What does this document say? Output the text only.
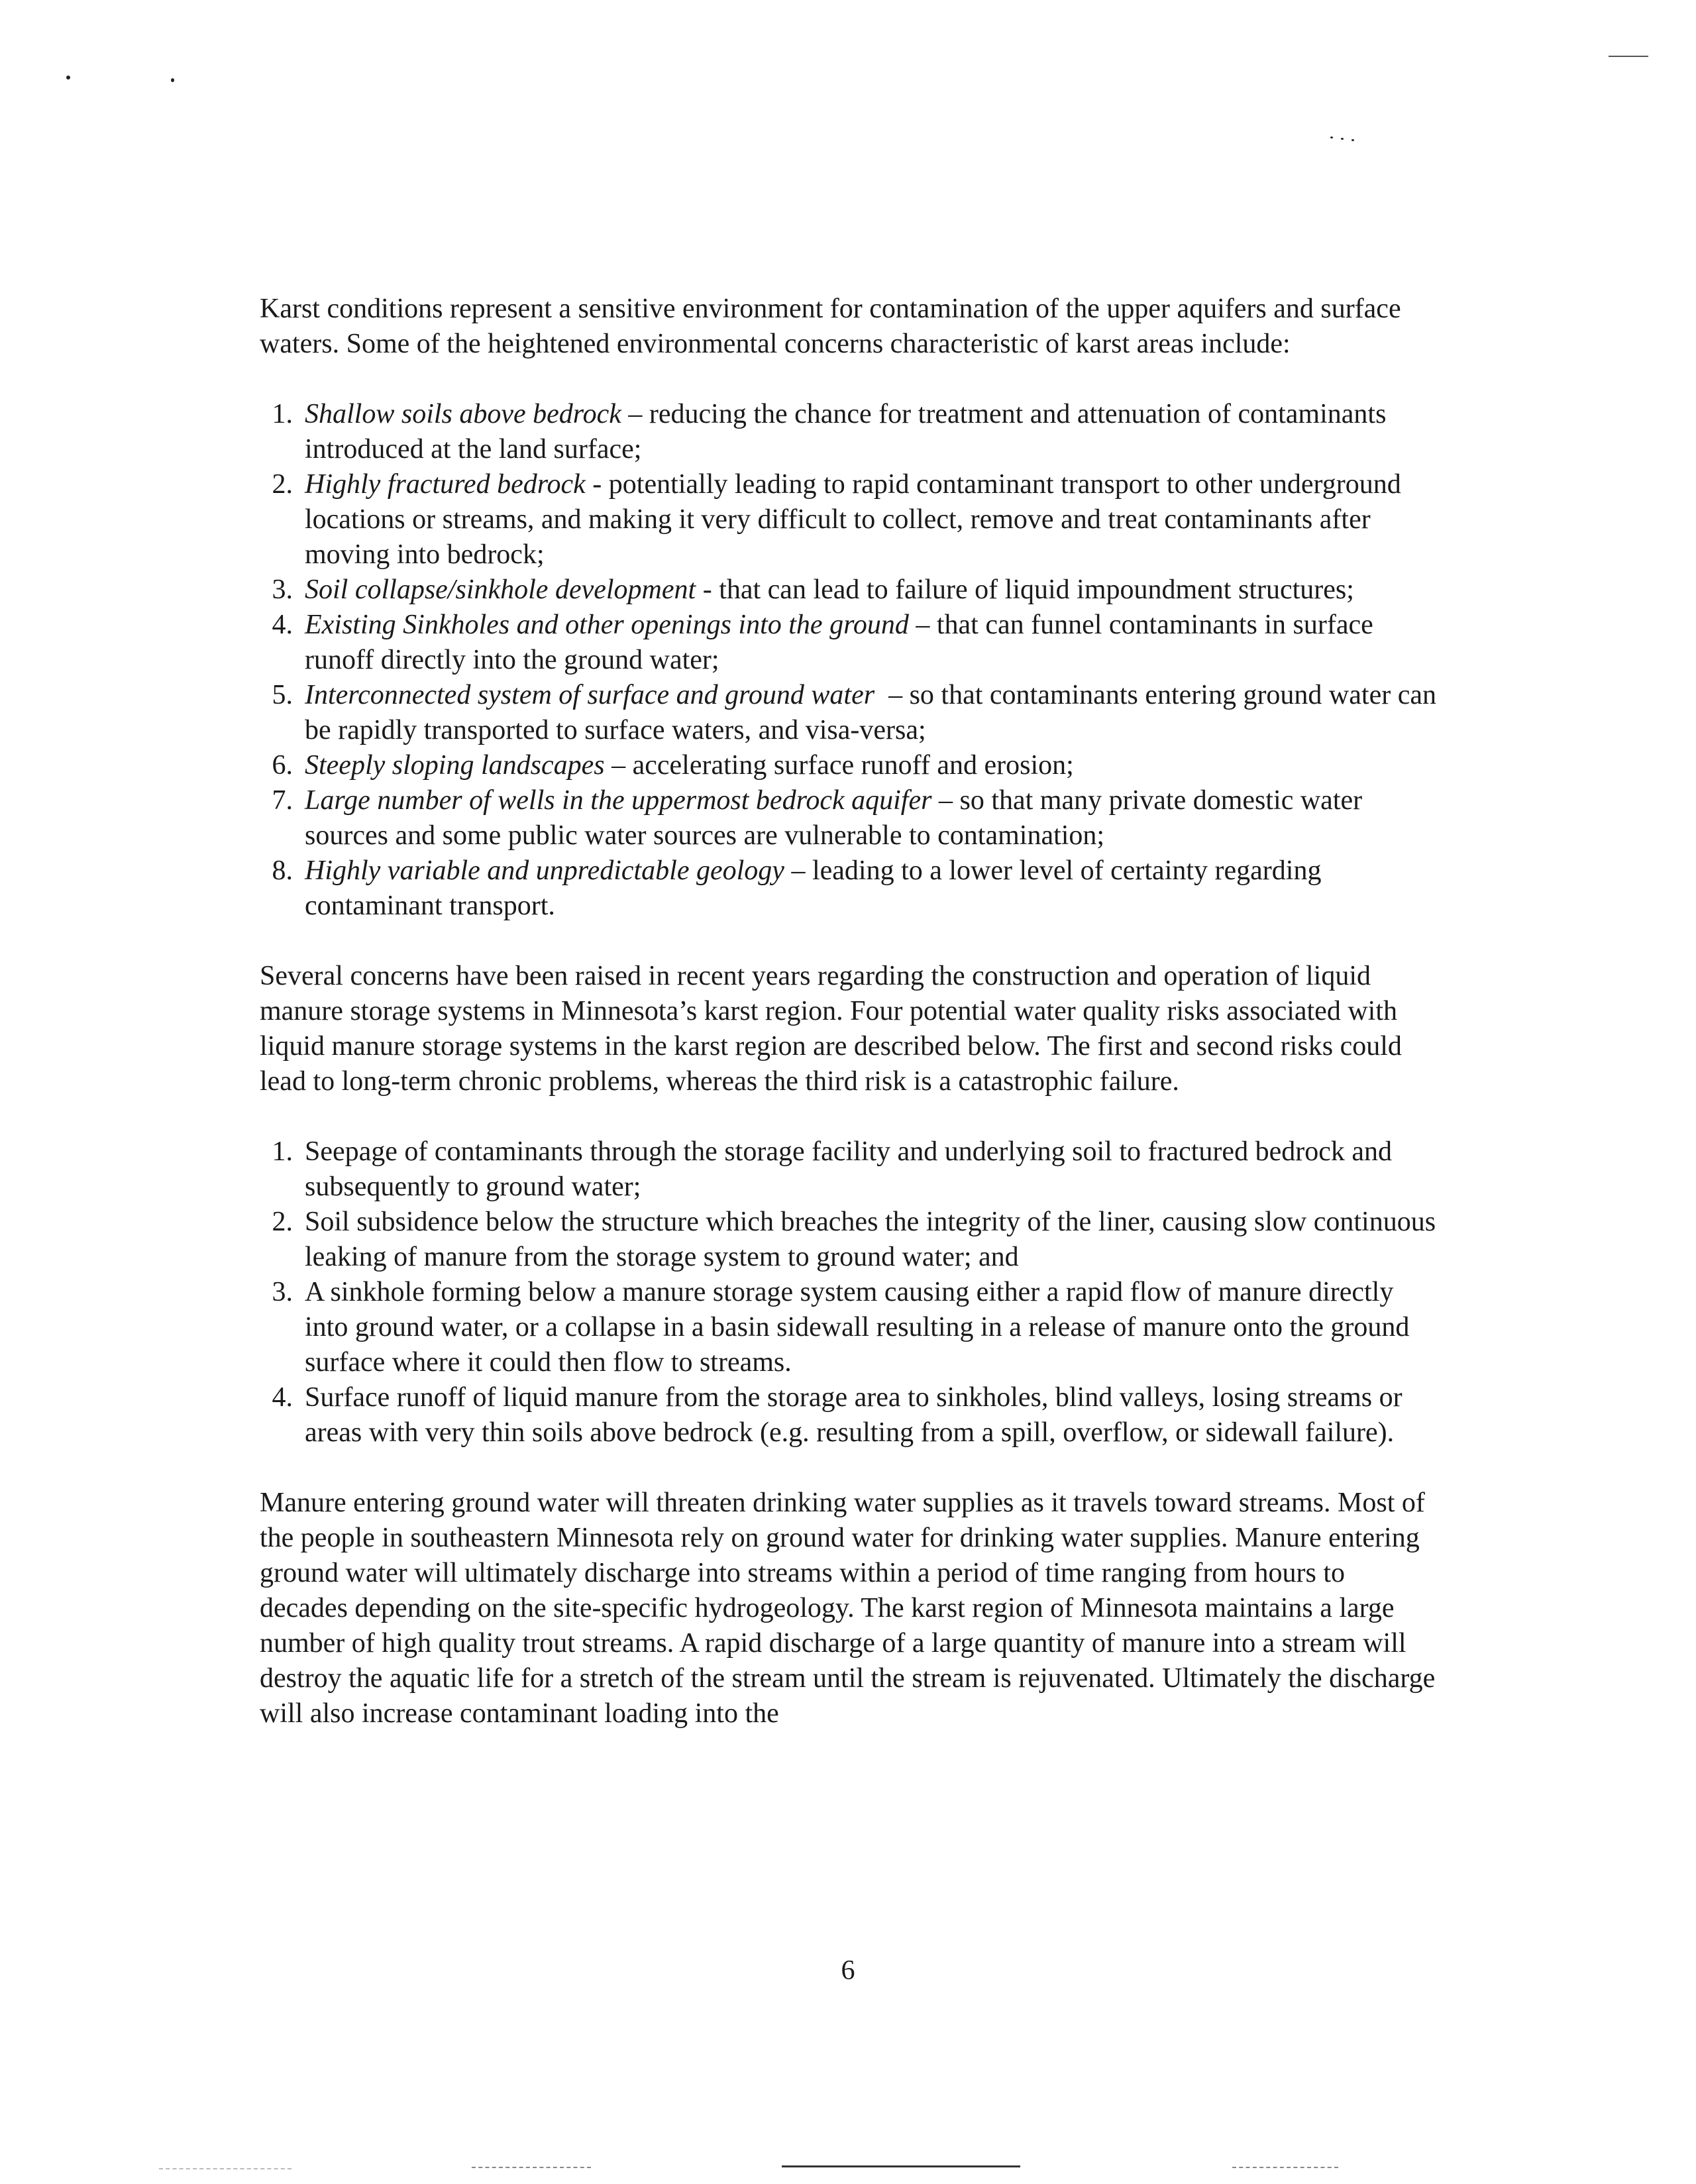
Karst conditions represent a sensitive environment for contamination of the upper aquifers and surface waters. Some of the heightened environmental concerns characteristic of karst areas include:

1 . Shallow soils above bedrock – reducing the chance for treatment and attenuation of contaminants introduced at the land surface;
2 . Highly fractured bedrock - potentially leading to rapid contaminant transport to other underground locations or streams, and making it very difficult to collect, remove and treat contaminants after moving into bedrock;
3 . Soil collapse/sinkhole development - that can lead to failure of liquid impoundment structures;
4 . Existing Sinkholes and other openings into the ground – that can funnel contaminants in surface runoff directly into the ground water;
5 . Interconnected system of surface and ground water  – so that contaminants entering ground water can be rapidly transported to surface waters, and visa-versa;
6 . Steeply sloping landscapes – accelerating surface runoff and erosion;
7 . Large number of wells in the uppermost bedrock aquifer – so that many private domestic water sources and some public water sources are vulnerable to contamination;
8 . Highly variable and unpredictable geology – leading to a lower level of certainty regarding contaminant transport.

Several concerns have been raised in recent years regarding the construction and operation of liquid manure storage systems in Minnesota’s karst region. Four potential water quality risks associated with liquid manure storage systems in the karst region are described below. The first and second risks could lead to long-term chronic problems, whereas the third risk is a catastrophic failure.

1 . Seepage of contaminants through the storage facility and underlying soil to fractured bedrock and subsequently to ground water;
2 . Soil subsidence below the structure which breaches the integrity of the liner, causing slow continuous leaking of manure from the storage system to ground water; and
3 . A sinkhole forming below a manure storage system causing either a rapid flow of manure directly into ground water, or a collapse in a basin sidewall resulting in a release of manure onto the ground surface where it could then flow to streams.
4 . Surface runoff of liquid manure from the storage area to sinkholes, blind valleys, losing streams or areas with very thin soils above bedrock (e.g. resulting from a spill, overflow, or sidewall failure).

Manure entering ground water will threaten drinking water supplies as it travels toward streams. Most of the people in southeastern Minnesota rely on ground water for drinking water supplies. Manure entering ground water will ultimately discharge into streams within a period of time ranging from hours to decades depending on the site-specific hydrogeology. The karst region of Minnesota maintains a large number of high quality trout streams. A rapid discharge of a large quantity of manure into a stream will destroy the aquatic life for a stretch of the stream until the stream is rejuvenated. Ultimately the discharge will also increase contaminant loading into the

6
